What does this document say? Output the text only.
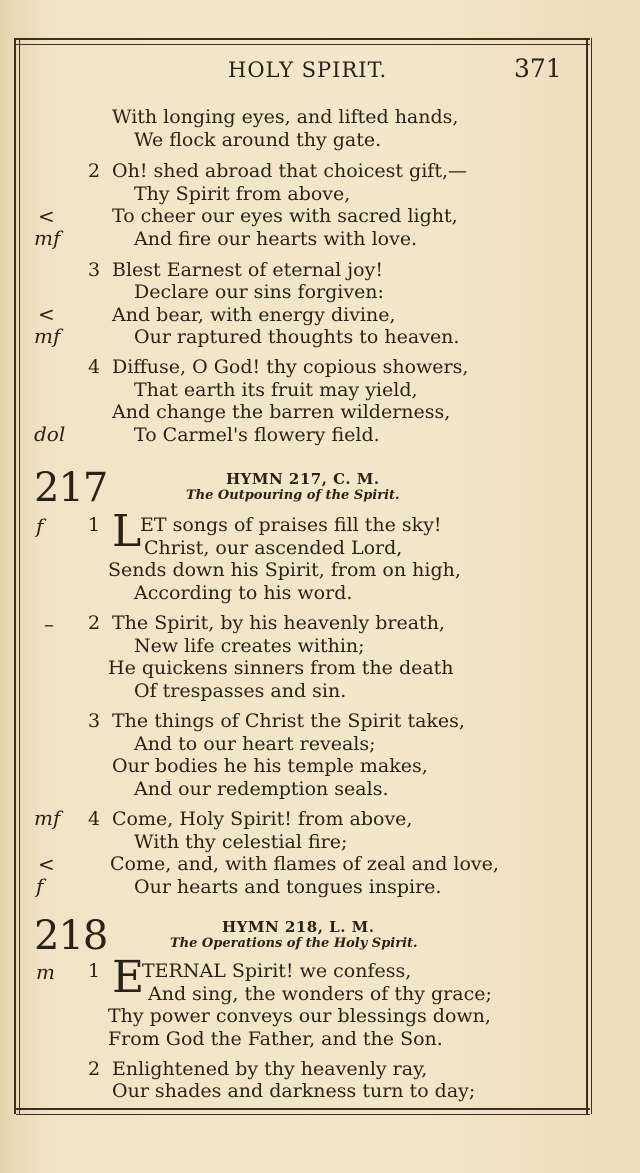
HOLY SPIRIT.	371
With longing eyes, and lifted hands,
We flock around thy gate.
2 Oh! shed abroad that choicest gift,—
Thy Spirit from above,
<	To cheer our eyes with sacred light,
mf	And fire our hearts with love.
3 Blest Earnest of eternal joy!
Declare our sins forgiven:
<	And bear, with energy divine,
mf	Our raptured thoughts to heaven.
4 Diffuse, O God! thy copious showers,
That earth its fruit may yield,
And change the barren wilderness,
dol	To Carmel's flowery field.
217	HYMN 217, C. M.
The Outpouring of the Spirit.
f 1 L
ET songs of praises fill the sky!
Christ, our ascended Lord,
Sends down his Spirit, from on high,
According to his word.
– 2 The Spirit, by his heavenly breath,
New life creates within;
He quickens sinners from the death
Of trespasses and sin.
3 The things of Christ the Spirit takes,
And to our heart reveals;
Our bodies he his temple makes,
And our redemption seals.
mf 4 Come, Holy Spirit! from above,
With thy celestial fire;
<	Come, and, with flames of zeal and love,
f	Our hearts and tongues inspire.
218	HYMN 218, L. M.
The Operations of the Holy Spirit.
m 1 E
TERNAL Spirit! we confess,
And sing, the wonders of thy grace;
Thy power conveys our blessings down,
From God the Father, and the Son.
2 Enlightened by thy heavenly ray,
Our shades and darkness turn to day;
